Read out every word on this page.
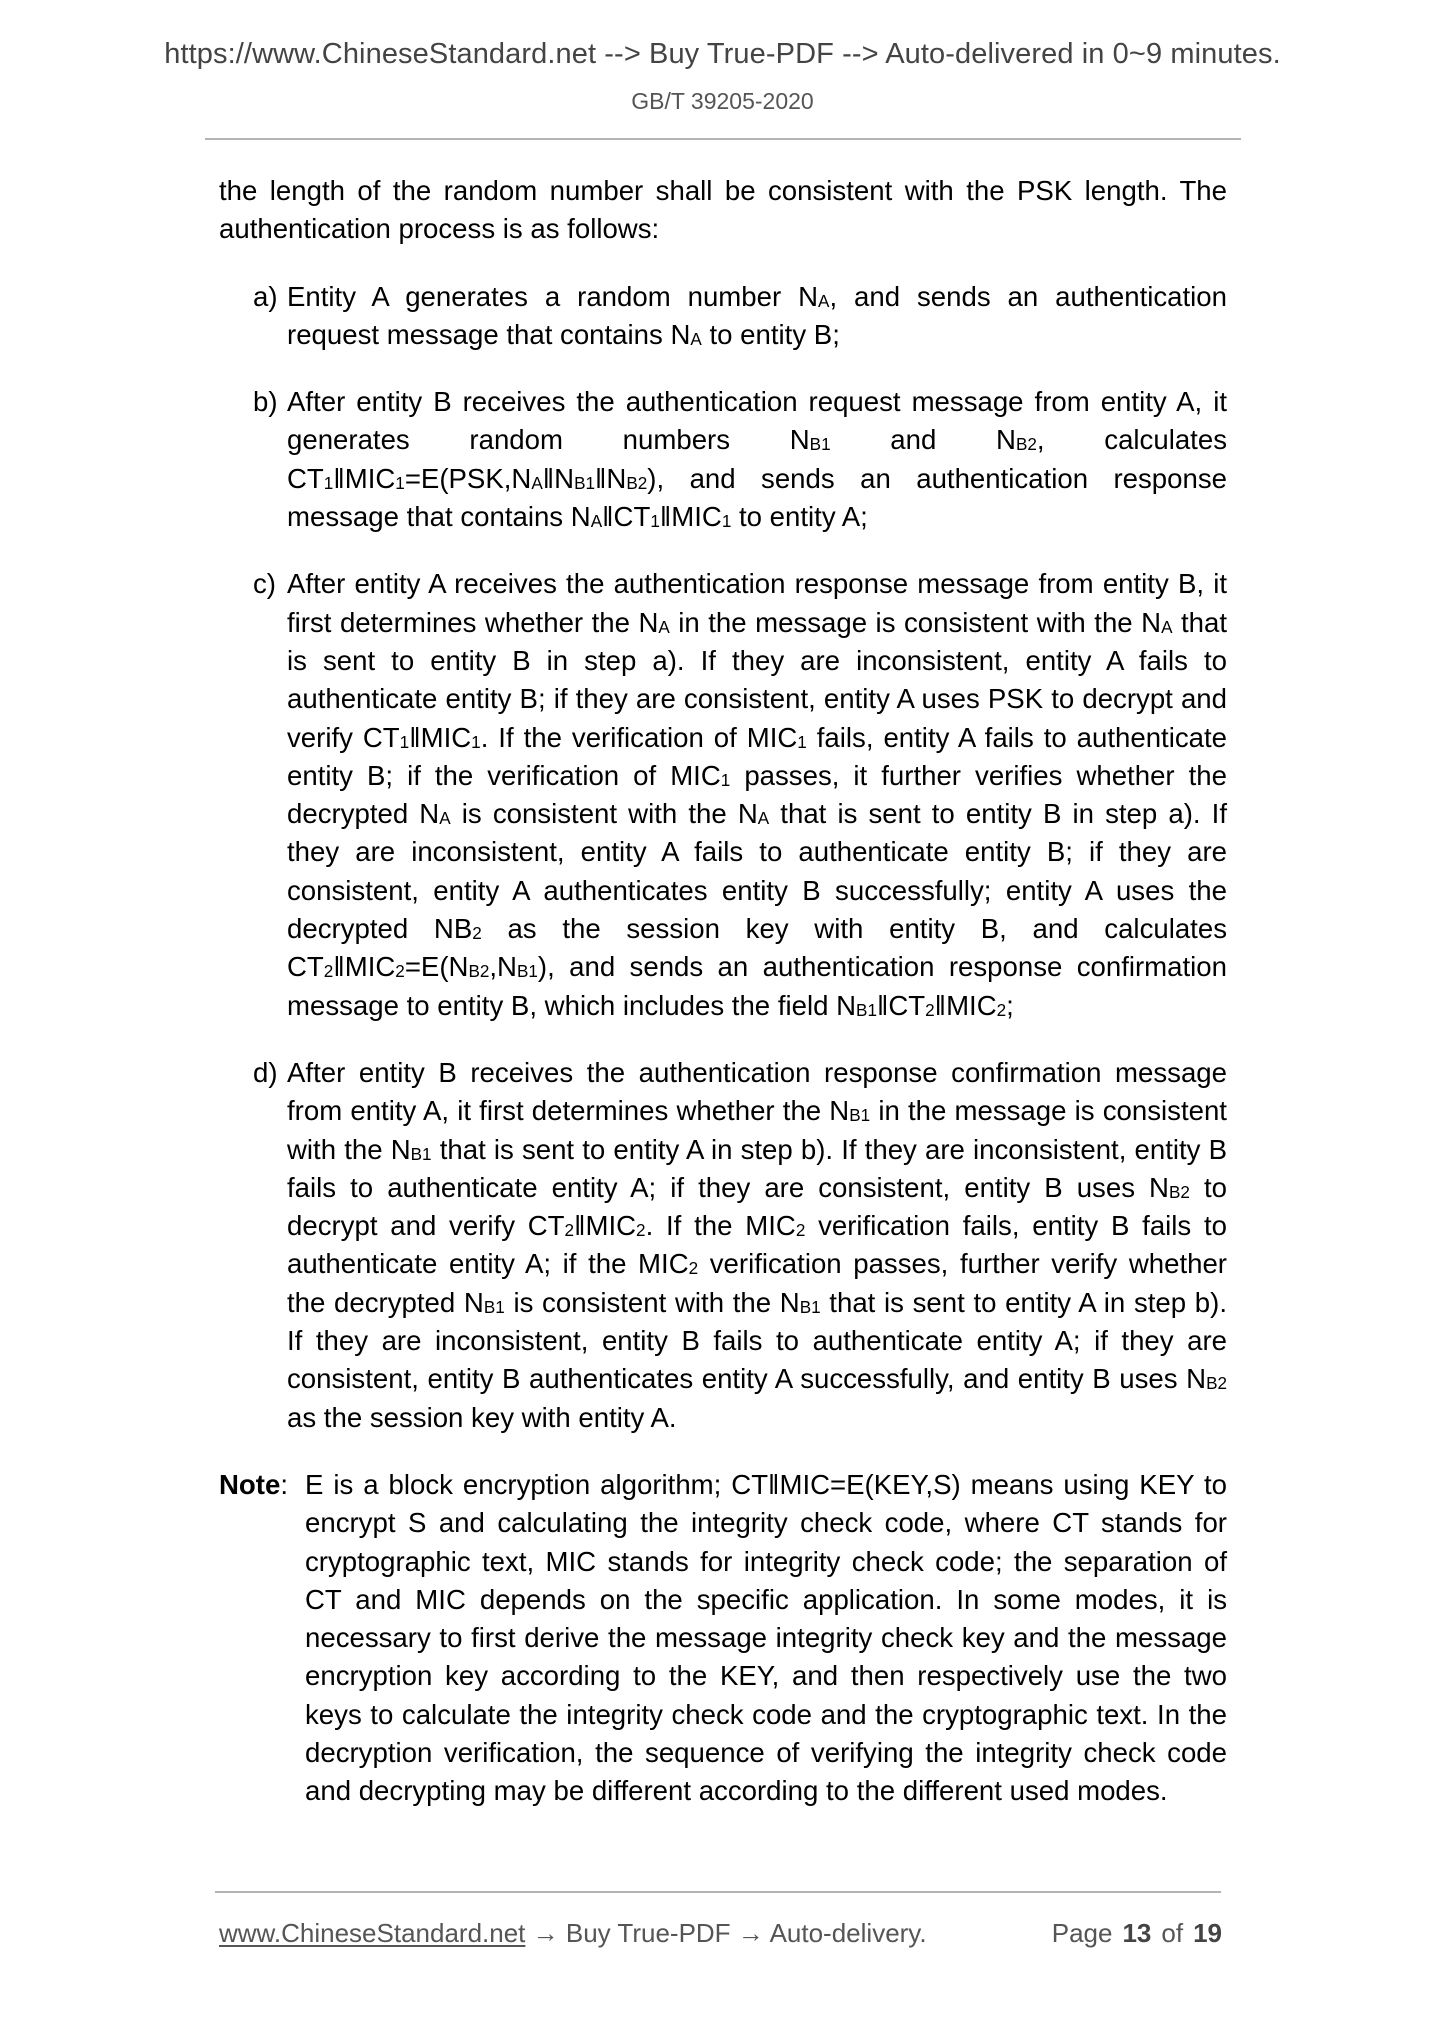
https://www.ChineseStandard.net --> Buy True-PDF --> Auto-delivered in 0~9 minutes.
GB/T 39205-2020

the length of the random number shall be consistent with the PSK length. The authentication process is as follows:

a) Entity A generates a random number $N_A$, and sends an authentication request message that contains $N_A$ to entity B;
b) After entity B receives the authentication request message from entity A, it generates random numbers $N_{B1}$ and $N_{B2}$, calculates $CT_1‖MIC_1=E(PSK,N_A‖N_{B1}‖N_{B2})$, and sends an authentication response message that contains $N_A‖CT_1‖MIC_1$ to entity A;
c) After entity A receives the authentication response message from entity B, it first determines whether the $N_A$ in the message is consistent with the $N_A$ that is sent to entity B in step a). If they are inconsistent, entity A fails to authenticate entity B; if they are consistent, entity A uses PSK to decrypt and verify $CT_1‖MIC_1$. If the verification of $MIC_1$ fails, entity A fails to authenticate entity B; if the verification of $MIC_1$ passes, it further verifies whether the decrypted $N_A$ is consistent with the $N_A$ that is sent to entity B in step a). If they are inconsistent, entity A fails to authenticate entity B; if they are consistent, entity A authenticates entity B successfully; entity A uses the decrypted $NB_2$ as the session key with entity B, and calculates $CT_2‖MIC_2=E(N_{B2},N_{B1})$, and sends an authentication response confirmation message to entity B, which includes the field $N_{B1}‖CT_2‖MIC_2$;
d) After entity B receives the authentication response confirmation message from entity A, it first determines whether the $N_{B1}$ in the message is consistent with the $N_{B1}$ that is sent to entity A in step b). If they are inconsistent, entity B fails to authenticate entity A; if they are consistent, entity B uses $N_{B2}$ to decrypt and verify $CT_2‖MIC_2$. If the $MIC_2$ verification fails, entity B fails to authenticate entity A; if the $MIC_2$ verification passes, further verify whether the decrypted $N_{B1}$ is consistent with the $N_{B1}$ that is sent to entity A in step b). If they are inconsistent, entity B fails to authenticate entity A; if they are consistent, entity B authenticates entity A successfully, and entity B uses $N_{B2}$ as the session key with entity A.
Note: E is a block encryption algorithm; CT‖MIC=E(KEY,S) means using KEY to encrypt S and calculating the integrity check code, where CT stands for cryptographic text, MIC stands for integrity check code; the separation of CT and MIC depends on the specific application. In some modes, it is necessary to first derive the message integrity check key and the message encryption key according to the KEY, and then respectively use the two keys to calculate the integrity check code and the cryptographic text. In the decryption verification, the sequence of verifying the integrity check code and decrypting may be different according to the different used modes.
www.ChineseStandard.net → Buy True-PDF → Auto-delivery.	Page 13 of 19
